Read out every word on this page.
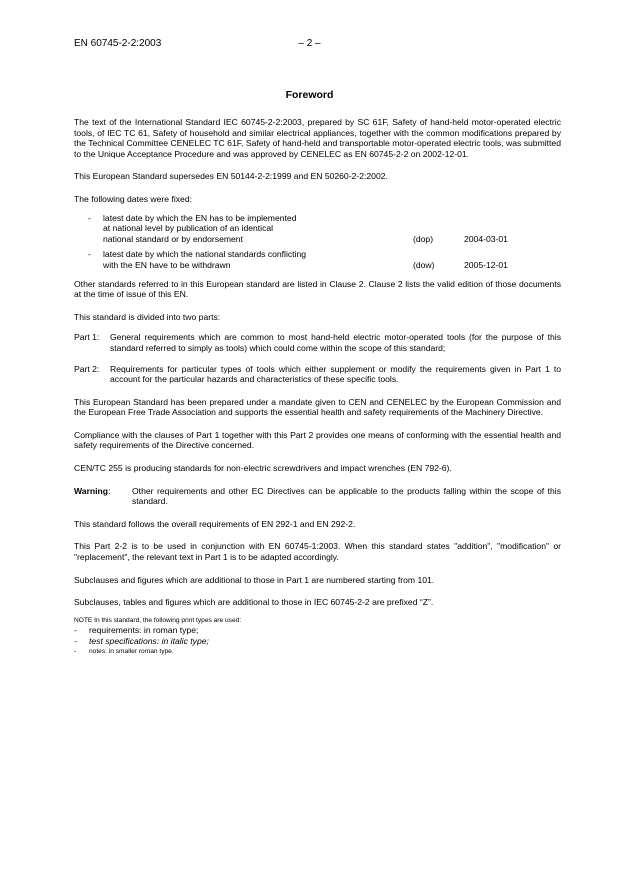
EN 60745-2-2:2003	– 2 –
Foreword

The text of the International Standard IEC 60745-2-2:2003, prepared by SC 61F, Safety of hand-held motor-operated electric tools, of IEC TC 61, Safety of household and similar electrical appliances, together with the common modifications prepared by the Technical Committee CENELEC TC 61F, Safety of hand-held and transportable motor-operated electric tools, was submitted to the Unique Acceptance Procedure and was approved by CENELEC as EN 60745-2-2 on 2002-12-01.

This European Standard supersedes EN 50144-2-2:1999 and EN 50260-2-2:2002.

The following dates were fixed:

- latest date by which the EN has to be implemented
at national level by publication of an identical
national standard or by endorsement	(dop)	2004-03-01
- latest date by which the national standards conflicting
with the EN have to be withdrawn	(dow)	2005-12-01

Other standards referred to in this European standard are listed in Clause 2. Clause 2 lists the valid edition of those documents at the time of issue of this EN.

This standard is divided into two parts:

Part 1: General requirements which are common to most hand-held electric motor-operated tools (for the purpose of this standard referred to simply as tools) which could come within the scope of this standard;
Part 2: Requirements for particular types of tools which either supplement or modify the requirements given in Part 1 to account for the particular hazards and characteristics of these specific tools.

This European Standard has been prepared under a mandate given to CEN and CENELEC by the European Commission and the European Free Trade Association and supports the essential health and safety requirements of the Machinery Directive.

Compliance with the clauses of Part 1 together with this Part 2 provides one means of conforming with the essential health and safety requirements of the Directive concerned.

CEN/TC 255 is producing standards for non-electric screwdrivers and impact wrenches (EN 792-6).

Warning:	Other requirements and other EC Directives can be applicable to the products falling within the scope of this standard.

This standard follows the overall requirements of EN 292-1 and EN 292-2.

This Part 2-2 is to be used in conjunction with EN 60745-1:2003. When this standard states "addition", "modification" or "replacement", the relevant text in Part 1 is to be adapted accordingly.

Subclauses and figures which are additional to those in Part 1 are numbered starting from 101.

Subclauses, tables and figures which are additional to those in IEC 60745-2-2 are prefixed “Z”.

NOTE In this standard, the following print types are used:

- requirements: in roman type;
- test specifications: in italic type;
- notes: in smaller roman type.
